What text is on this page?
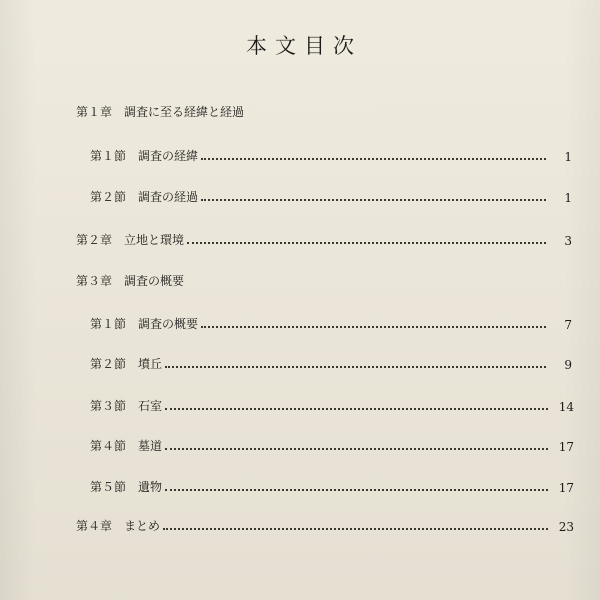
本文目次
第１章 調査に至る経緯と経過
第１節 調査の経緯	1
第２節 調査の経過	1
第２章 立地と環境	3
第３章 調査の概要
第１節 調査の概要	7
第２節 墳丘	9
第３節 石室	14
第４節 墓道	17
第５節 遺物	17
第４章 まとめ	23
